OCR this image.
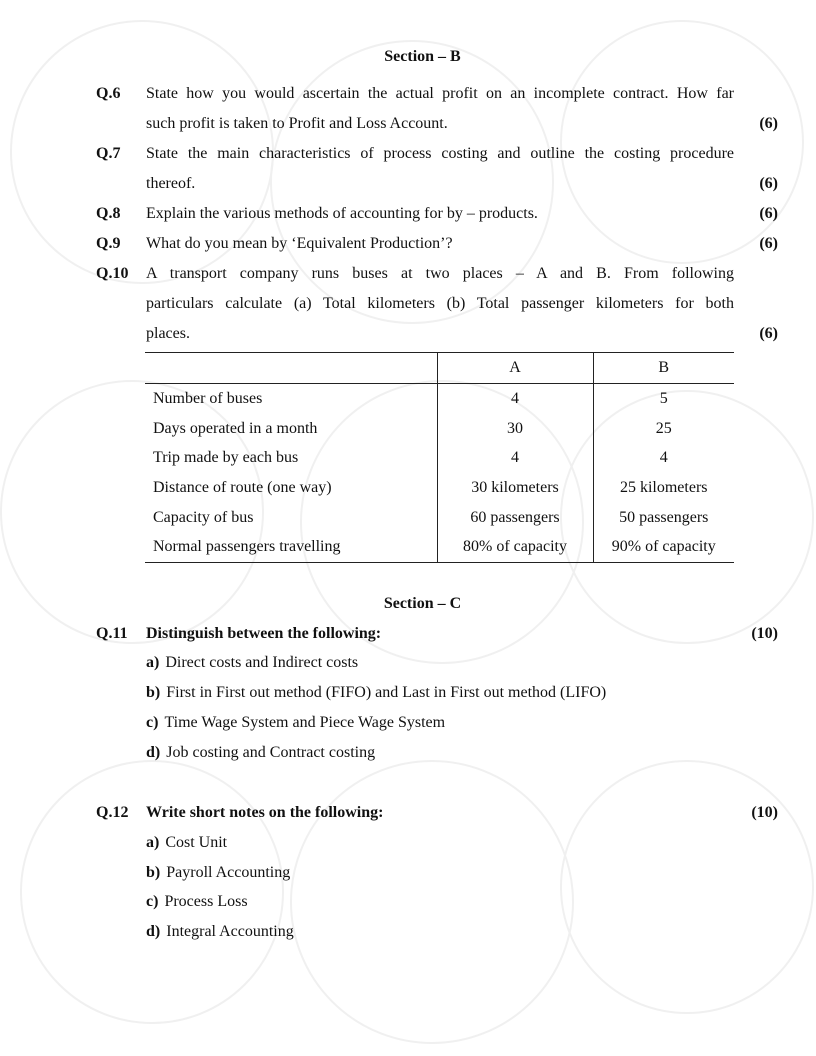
Section – B
Q.6 State how you would ascertain the actual profit on an incomplete contract. How far
such profit is taken to Profit and Loss Account.	(6)
Q.7 State the main characteristics of process costing and outline the costing procedure
thereof.	(6)
Q.8 Explain the various methods of accounting for by – products.	(6)
Q.9 What do you mean by ‘Equivalent Production’?	(6)
Q.10 A transport company runs buses at two places – A and B. From following
particulars calculate (a) Total kilometers (b) Total passenger kilometers for both
places.	(6)
	A	B
Number of buses	4	5
Days operated in a month	30	25
Trip made by each bus	4	4
Distance of route (one way)	30 kilometers	25 kilometers
Capacity of bus	60 passengers	50 passengers
Normal passengers travelling	80% of capacity	90% of capacity
Section – C
Q.11 Distinguish between the following:	(10)
a) Direct costs and Indirect costs
b) First in First out method (FIFO) and Last in First out method (LIFO)
c) Time Wage System and Piece Wage System
d) Job costing and Contract costing
Q.12 Write short notes on the following:	(10)
a) Cost Unit
b) Payroll Accounting
c) Process Loss
d) Integral Accounting
